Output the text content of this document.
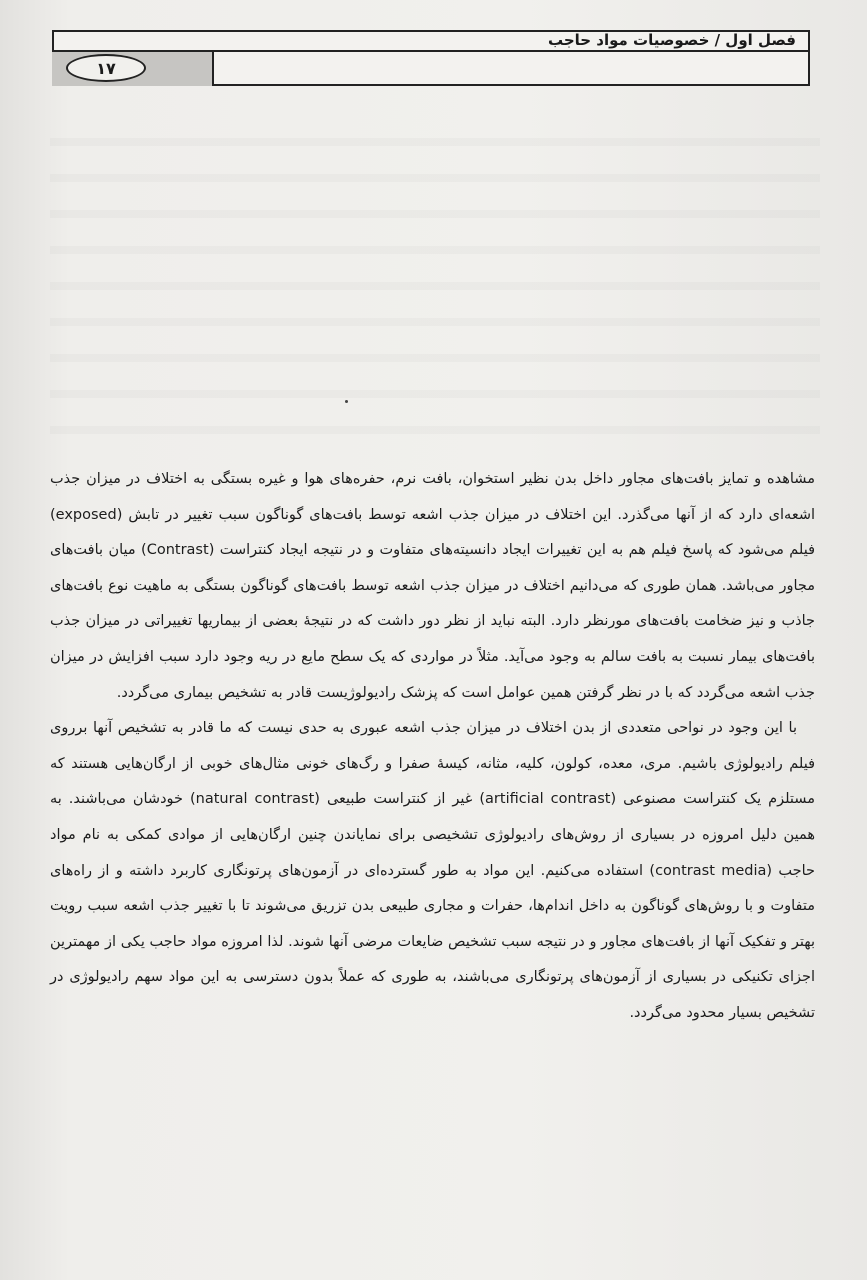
فصل اول / خصوصیات مواد حاجب
۱۷

مشاهده و تمایز بافت‌های مجاور داخل بدن نظیر استخوان، بافت نرم، حفره‌های هوا و غیره بستگی به اختلاف در میزان جذب اشعه‌ای دارد که از آنها می‌گذرد. این اختلاف در میزان جذب اشعه توسط بافت‌های گوناگون سبب تغییر در تابش (exposed) فیلم می‌شود که پاسخ فیلم هم به این تغییرات ایجاد دانسیته‌های متفاوت و در نتیجه ایجاد کنتراست (Contrast) میان بافت‌های مجاور می‌باشد. همان طوری که می‌دانیم اختلاف در میزان جذب اشعه توسط بافت‌های گوناگون بستگی به ماهیت نوع بافت‌های جاذب و نیز ضخامت بافت‌های مورنظر دارد. البته نباید از نظر دور داشت که در نتیجهٔ بعضی از بیماریها تغییراتی در میزان جذب بافت‌های بیمار نسبت به بافت سالم به وجود می‌آید. مثلاً در مواردی که یک سطح مایع در ریه وجود دارد سبب افزایش در میزان جذب اشعه می‌گردد که با در نظر گرفتن همین عوامل است که پزشک رادیولوژیست قادر به تشخیص بیماری می‌گردد.

با این وجود در نواحی متعددی از بدن اختلاف در میزان جذب اشعه عبوری به حدی نیست که ما قادر به تشخیص آنها برروی فیلم رادیولوژی باشیم. مری، معده، کولون، کلیه، مثانه، کیسهٔ صفرا و رگ‌های خونی مثال‌های خوبی از ارگان‌هایی هستند که مستلزم یک کنتراست مصنوعی (artificial contrast) غیر از کنتراست طبیعی (natural contrast) خودشان می‌باشند. به همین دلیل امروزه در بسیاری از روش‌های رادیولوژی تشخیصی برای نمایاندن چنین ارگان‌هایی از موادی کمکی به نام مواد حاجب (contrast media) استفاده می‌کنیم. این مواد به طور گسترده‌ای در آزمون‌های پرتونگاری کاربرد داشته و از راه‌های متفاوت و با روش‌های گوناگون به داخل اندام‌ها، حفرات و مجاری طبیعی بدن تزریق می‌شوند تا با تغییر جذب اشعه سبب رویت بهتر و تفکیک آنها از بافت‌های مجاور و در نتیجه سبب تشخیص ضایعات مرضی آنها شوند. لذا امروزه مواد حاجب یکی از مهمترین اجزای تکنیکی در بسیاری از آزمون‌های پرتونگاری می‌باشند، به طوری که عملاً بدون دسترسی به این مواد سهم رادیولوژی در تشخیص بسیار محدود می‌گردد.
